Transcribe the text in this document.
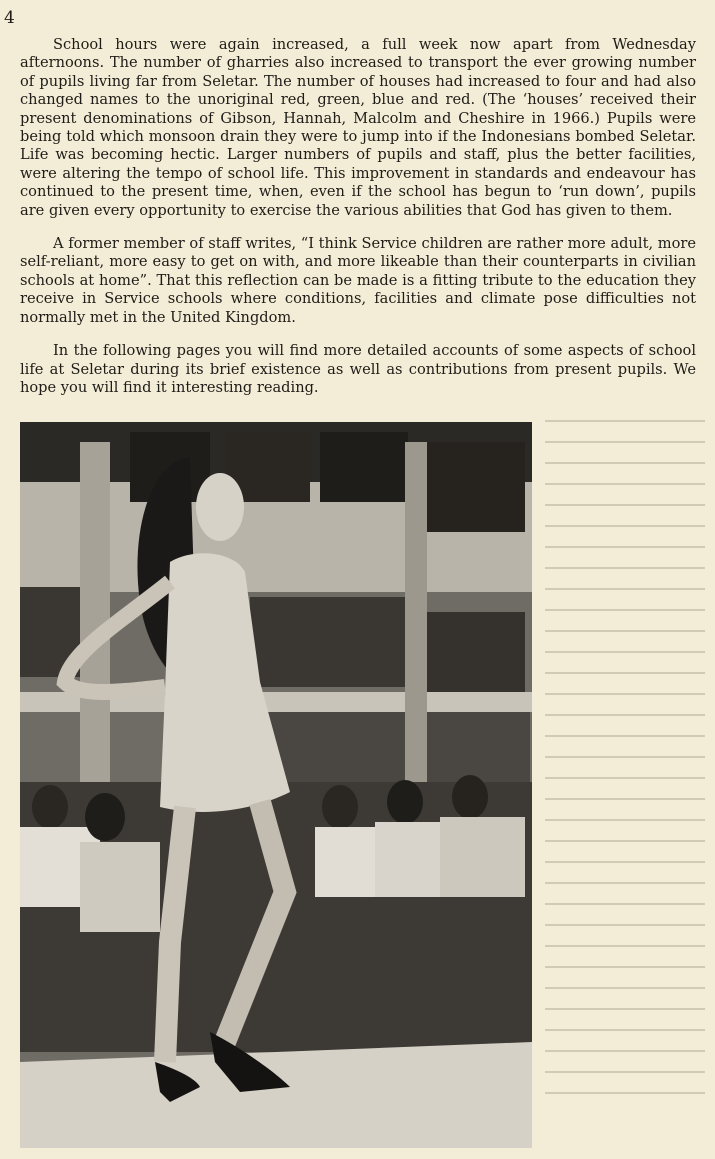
4

School hours were again increased, a full week now apart from Wednesday afternoons. The number of gharries also increased to transport the ever growing number of pupils living far from Seletar. The number of houses had increased to four and had also changed names to the unoriginal red, green, blue and red. (The ‘houses’ received their present denominations of Gibson, Hannah, Malcolm and Cheshire in 1966.) Pupils were being told which monsoon drain they were to jump into if the Indonesians bombed Seletar. Life was becoming hectic. Larger numbers of pupils and staff, plus the better facilities, were altering the tempo of school life. This improvement in standards and endeavour has continued to the present time, when, even if the school has begun to ‘run down’, pupils are given every opportunity to exercise the various abilities that God has given to them.

A former member of staff writes, “I think Service children are rather more adult, more self-reliant, more easy to get on with, and more likeable than their counterparts in civilian schools at home”. That this reflection can be made is a fitting tribute to the education they receive in Service schools where conditions, facilities and climate pose difficulties not normally met in the United Kingdom.

In the following pages you will find more detailed accounts of some aspects of school life at Seletar during its brief existence as well as contributions from present pupils. We hope you will find it interesting reading.
